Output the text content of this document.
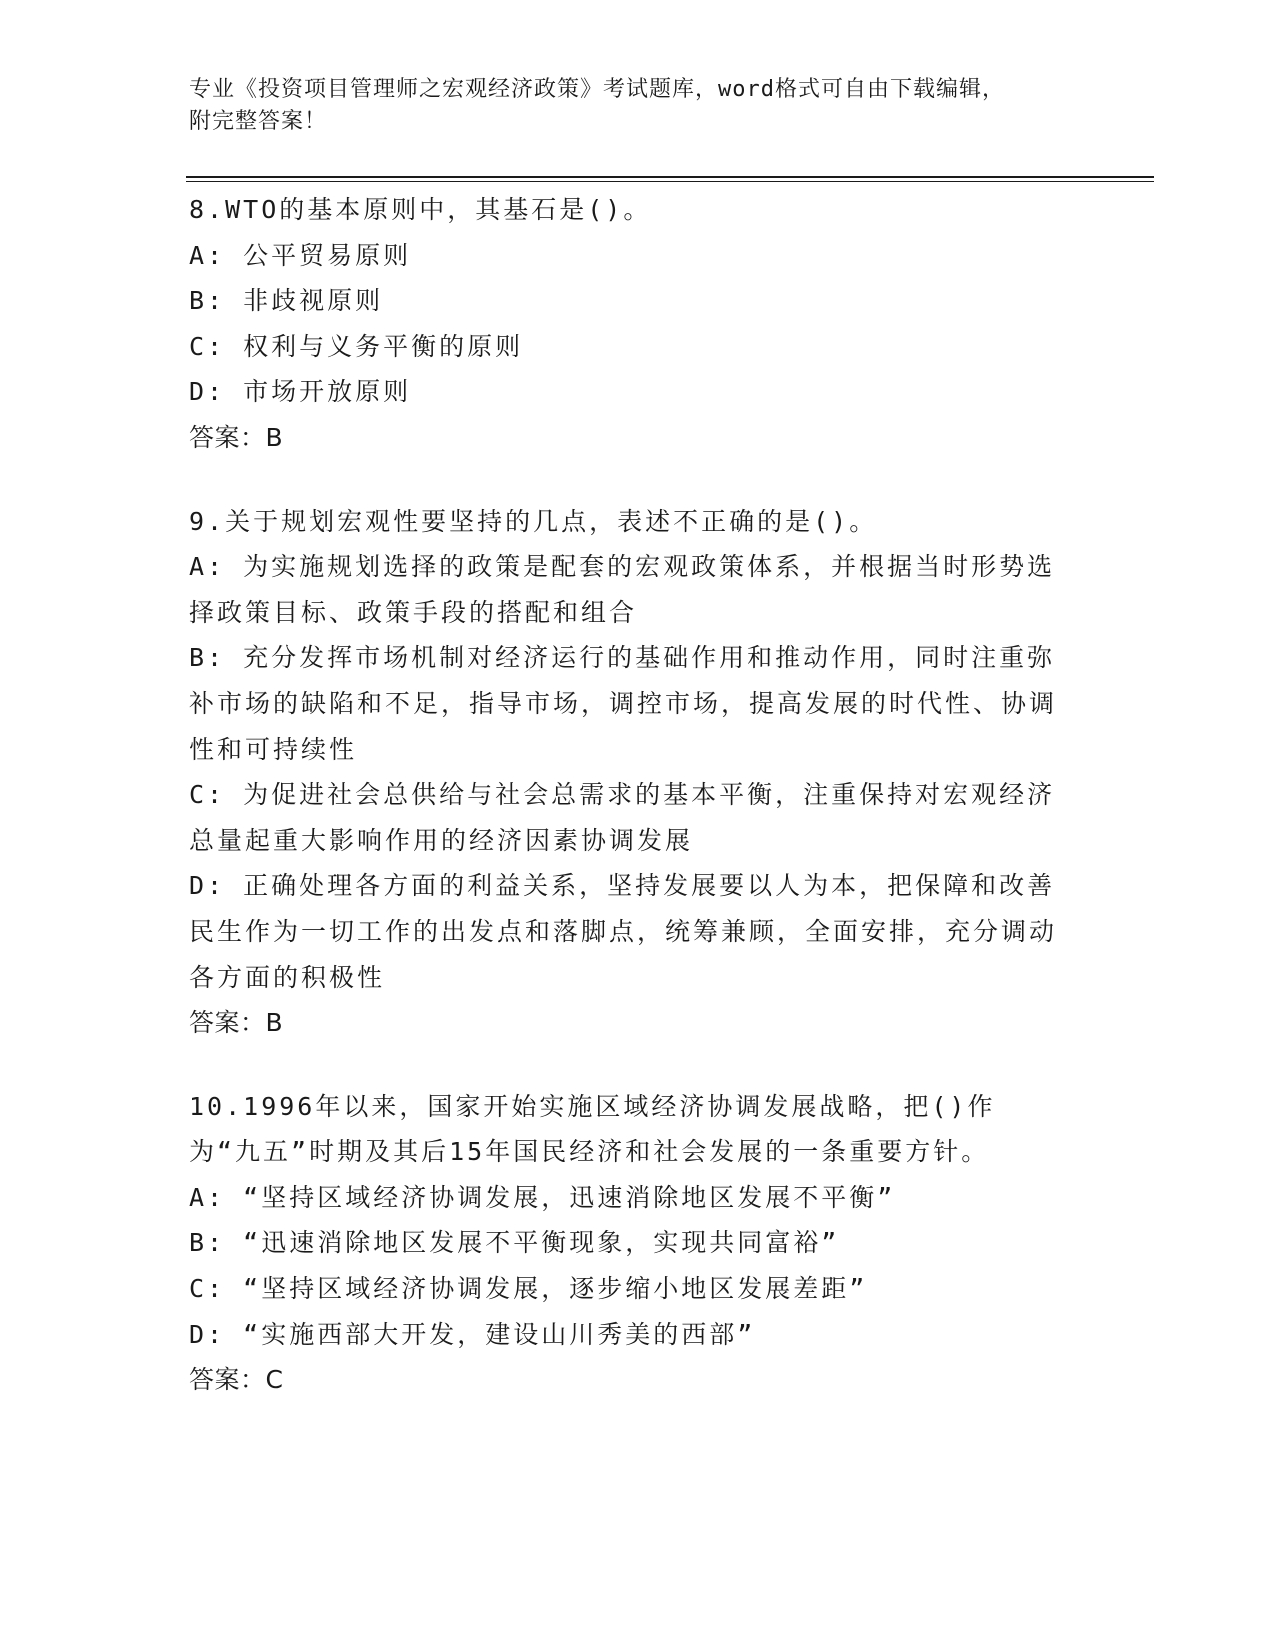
专业《投资项目管理师之宏观经济政策》考试题库，word格式可自由下载编辑，
附完整答案！

8.WTO的基本原则中，其基石是()。

A: 公平贸易原则

B: 非歧视原则

C: 权利与义务平衡的原则

D: 市场开放原则

答案：B

9.关于规划宏观性要坚持的几点，表述不正确的是()。

A: 为实施规划选择的政策是配套的宏观政策体系，并根据当时形势选择政策目标、政策手段的搭配和组合

B: 充分发挥市场机制对经济运行的基础作用和推动作用，同时注重弥补市场的缺陷和不足，指导市场，调控市场，提高发展的时代性、协调性和可持续性

C: 为促进社会总供给与社会总需求的基本平衡，注重保持对宏观经济总量起重大影响作用的经济因素协调发展

D: 正确处理各方面的利益关系，坚持发展要以人为本，把保障和改善民生作为一切工作的出发点和落脚点，统筹兼顾，全面安排，充分调动各方面的积极性

答案：B

10.1996年以来，国家开始实施区域经济协调发展战略，把()作为“九五”时期及其后15年国民经济和社会发展的一条重要方针。

A: “坚持区域经济协调发展，迅速消除地区发展不平衡”

B: “迅速消除地区发展不平衡现象，实现共同富裕”

C: “坚持区域经济协调发展，逐步缩小地区发展差距”

D: “实施西部大开发，建设山川秀美的西部”

答案：C
